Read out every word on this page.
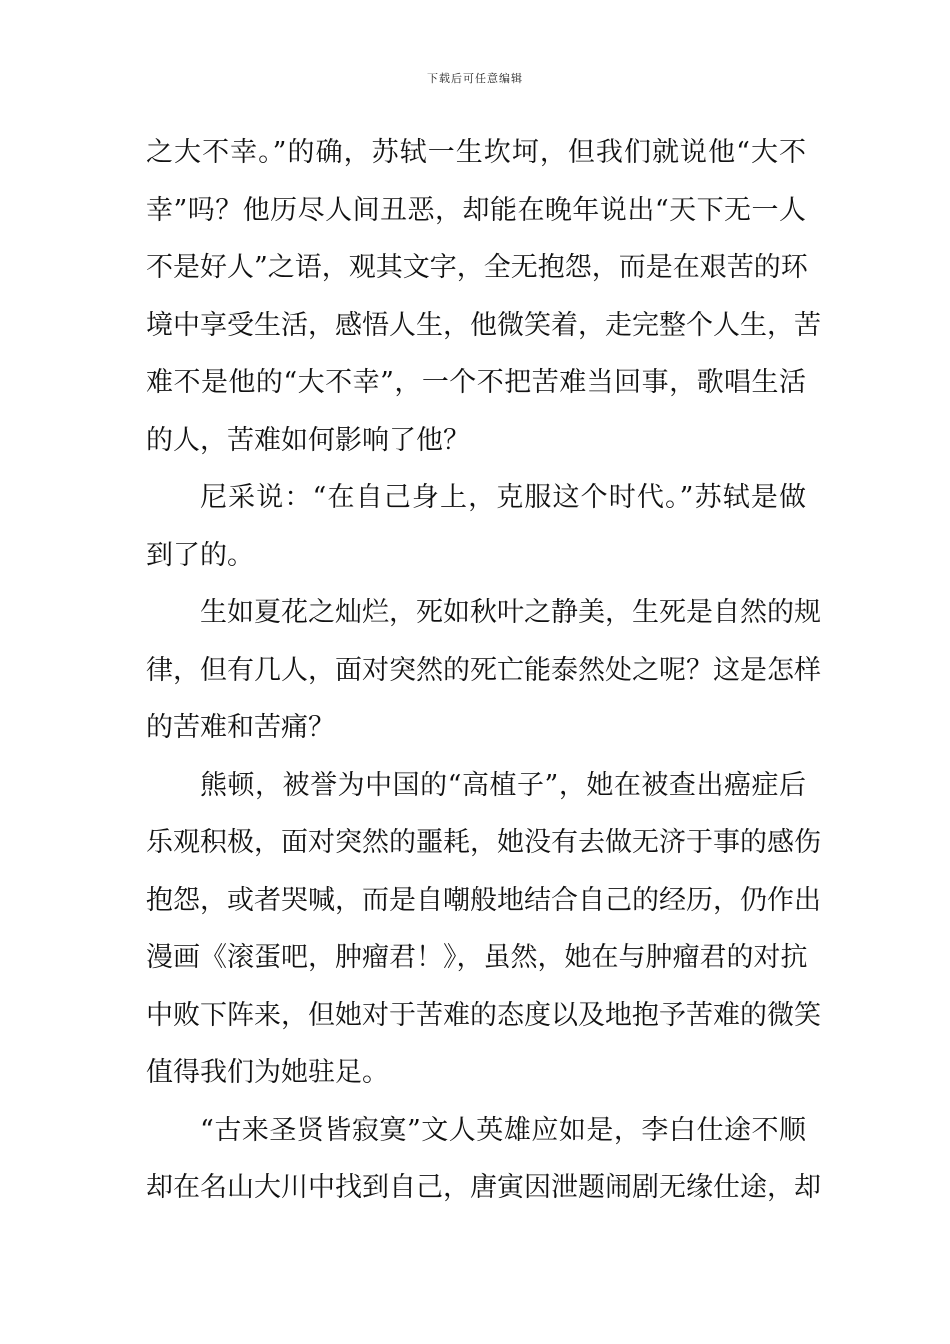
下载后可任意编辑

之大不幸。”的确，苏轼一生坎坷，但我们就说他“大不
幸”吗？他历尽人间丑恶，却能在晚年说出“天下无一人
不是好人”之语，观其文字，全无抱怨，而是在艰苦的环
境中享受生活，感悟人生，他微笑着，走完整个人生，苦
难不是他的“大不幸”，一个不把苦难当回事，歌唱生活
的人，苦难如何影响了他？

尼采说：“在自己身上，克服这个时代。”苏轼是做
到了的。

生如夏花之灿烂，死如秋叶之静美，生死是自然的规
律，但有几人，面对突然的死亡能泰然处之呢？这是怎样
的苦难和苦痛？

熊顿，被誉为中国的“高植子”，她在被查出癌症后
乐观积极，面对突然的噩耗，她没有去做无济于事的感伤
抱怨，或者哭喊，而是自嘲般地结合自己的经历，仍作出
漫画《滚蛋吧，肿瘤君！》，虽然，她在与肿瘤君的对抗
中败下阵来，但她对于苦难的态度以及地抱予苦难的微笑
值得我们为她驻足。

“古来圣贤皆寂寞”文人英雄应如是，李白仕途不顺
却在名山大川中找到自己，唐寅因泄题闹剧无缘仕途，却
